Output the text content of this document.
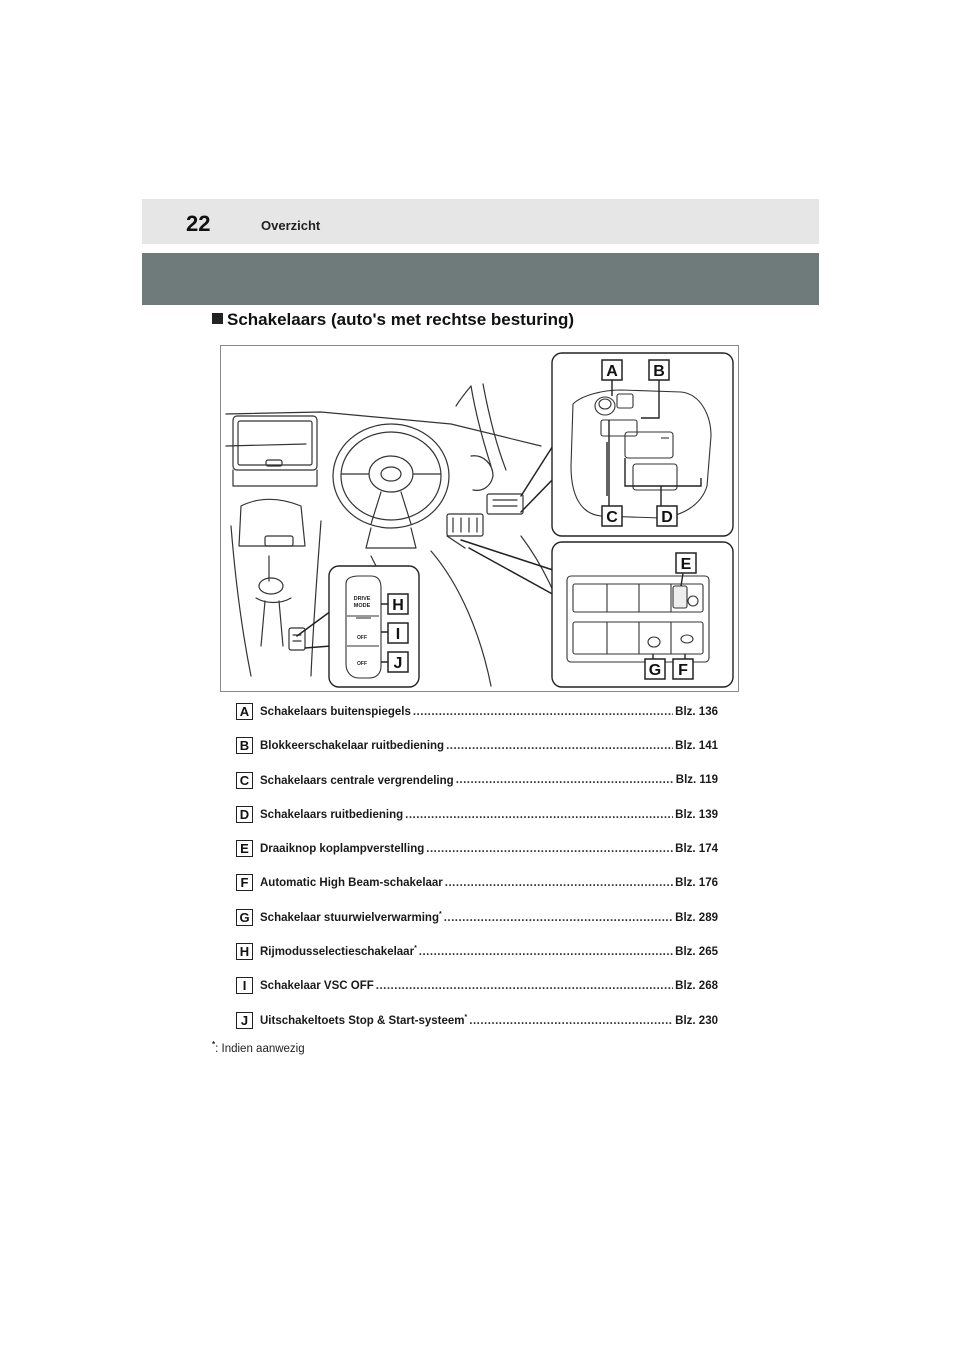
22	Overzicht
Schakelaars (auto's met rechtse besturing)
A B
C	D
E
F
G
DRIVE
MODE
OFF
OFF
H
I
J
A Schakelaars buitenspiegels .....	Blz. 136
B Blokkeerschakelaar ruitbediening .....	Blz. 141
C Schakelaars centrale vergrendeling .....	Blz. 119
D Schakelaars ruitbediening .....	Blz. 139
E Draaiknop koplampverstelling .....	Blz. 174
F	Automatic High Beam-schakelaar .....	Blz. 176
G Schakelaar stuurwielverwarming* .....	Blz. 289
H Rijmodusselectieschakelaar* .....	Blz. 265
I	Schakelaar VSC OFF .....	Blz. 268
J	Uitschakeltoets Stop & Start-systeem* .....	Blz. 230
*: Indien aanwezig
